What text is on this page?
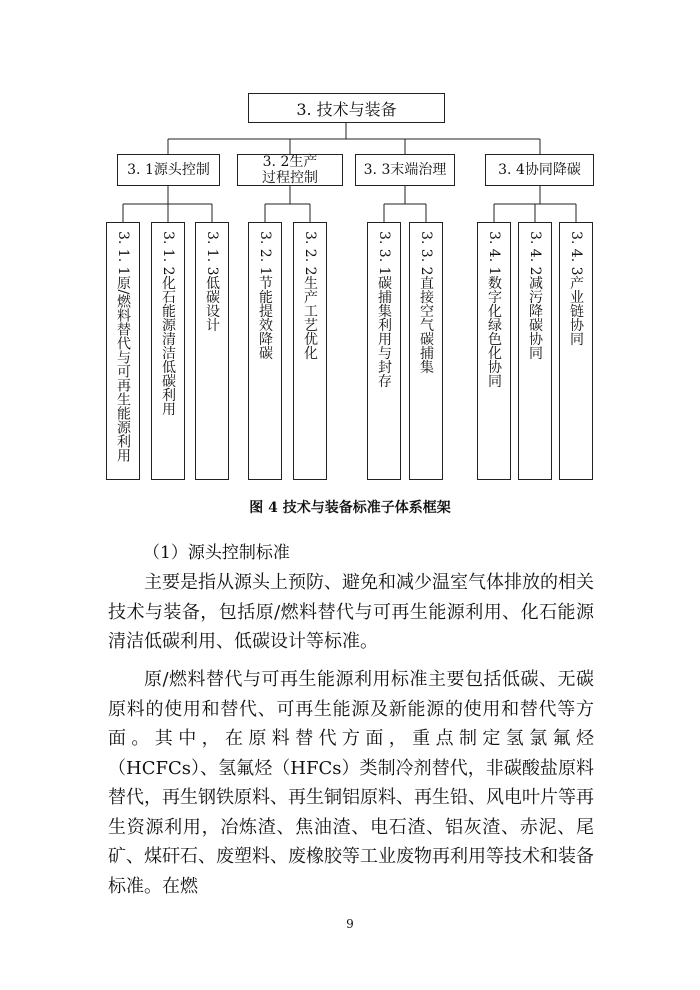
3. 技术与装备
3. 1源头控制	3. 2生产过程控制	3. 3末端治理	3. 4协同降碳
3. 1. 1原/燃料替代与可再生能源利用 3. 1. 2化石能源清洁低碳利用 3. 1. 3低碳设计	3. 2. 1节能提效降碳 3. 2. 2生产工艺优化	3. 3. 1碳捕集利用与封存 3. 3. 2直接空气碳捕集	3. 4. 1数字化绿色化协同 3. 4. 2减污降碳协同 3. 4. 3产业链协同
图 4 技术与装备标准子体系框架
（1）源头控制标准

主要是指从源头上预防、避免和减少温室气体排放的相关技术与装备，包括原/燃料替代与可再生能源利用、化石能源清洁低碳利用、低碳设计等标准。

原/燃料替代与可再生能源利用标准主要包括低碳、无碳原料的使用和替代、可再生能源及新能源的使用和替代等方面。其中，在原料替代方面，重点制定氢氯氟烃（HCFCs）、氢氟烃（HFCs）类制冷剂替代，非碳酸盐原料替代，再生钢铁原料、再生铜铝原料、再生铅、风电叶片等再生资源利用，冶炼渣、焦油渣、电石渣、铝灰渣、赤泥、尾矿、煤矸石、废塑料、废橡胶等工业废物再利用等技术和装备标准。在燃

9
